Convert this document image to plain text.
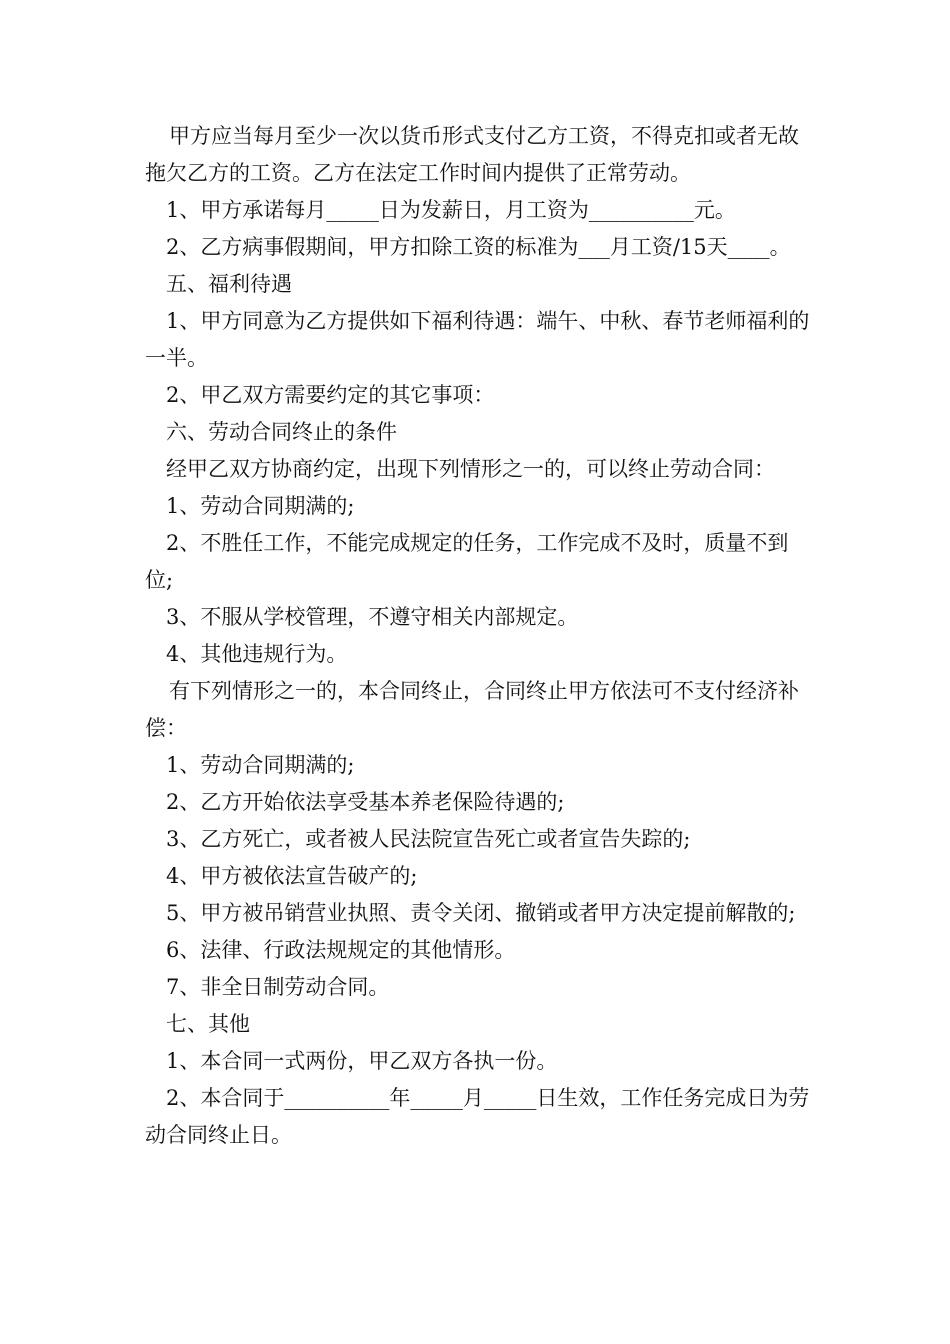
甲方应当每月至少一次以货币形式支付乙方工资，不得克扣或者无故拖欠乙方的工资。乙方在法定工作时间内提供了正常劳动。

1、甲方承诺每月_____日为发薪日，月工资为__________元。

2、乙方病事假期间，甲方扣除工资的标准为___月工资/15天____。

五、福利待遇

1、甲方同意为乙方提供如下福利待遇：端午、中秋、春节老师福利的一半。

2、甲乙双方需要约定的其它事项：

六、劳动合同终止的条件

经甲乙双方协商约定，出现下列情形之一的，可以终止劳动合同：

1、劳动合同期满的;

2、不胜任工作，不能完成规定的任务，工作完成不及时，质量不到位;

3、不服从学校管理，不遵守相关内部规定。

4、其他违规行为。

有下列情形之一的，本合同终止，合同终止甲方依法可不支付经济补偿：

1、劳动合同期满的;

2、乙方开始依法享受基本养老保险待遇的;

3、乙方死亡，或者被人民法院宣告死亡或者宣告失踪的;

4、甲方被依法宣告破产的;

5、甲方被吊销营业执照、责令关闭、撤销或者甲方决定提前解散的;

6、法律、行政法规规定的其他情形。

7、非全日制劳动合同。

七、其他

1、本合同一式两份，甲乙双方各执一份。

2、本合同于__________年_____月_____日生效，工作任务完成日为劳动合同终止日。
